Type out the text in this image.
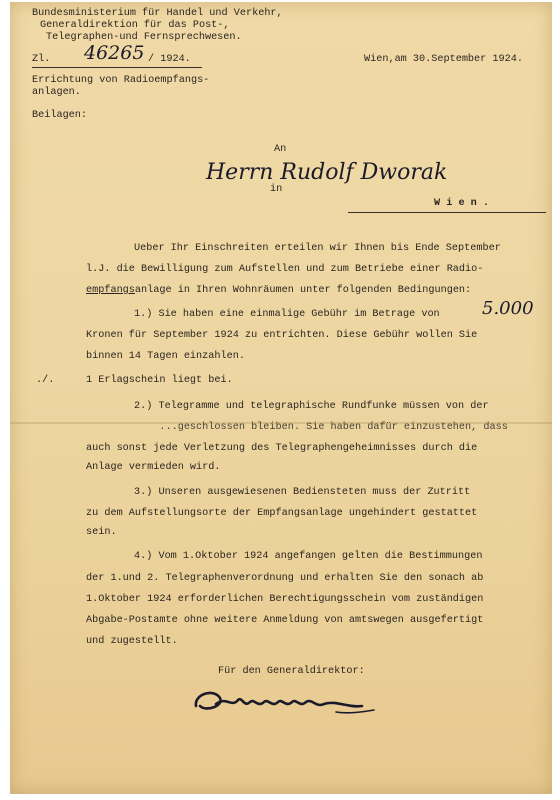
Bundesministerium für Handel und Verkehr,
Generaldirektion für das Post-,
Telegraphen-und Fernsprechwesen.
Zl. 46265 / 1924.	Wien,am 30.September 1924.
Errichtung von Radioempfangs-
anlagen.
Beilagen:
An
Herrn Rudolf Dworak
in
W i e n .
Ueber Ihr Einschreiten erteilen wir Ihnen bis Ende September
l.J. die Bewilligung zum Aufstellen und zum Betriebe einer Radio-
empfangsanlage in Ihren Wohnräumen unter folgenden Bedingungen:
1.) Sie haben eine einmalige Gebühr im Betrage von 5.000
Kronen für September 1924 zu entrichten. Diese Gebühr wollen Sie
binnen 14 Tagen einzahlen.
./.	1 Erlagschein liegt bei.
2.) Telegramme und telegraphische Rundfunke müssen von der
...geschlossen bleiben. Sie haben dafür einzustehen, dass
auch sonst jede Verletzung des Telegraphengeheimnisses durch die
Anlage vermieden wird.
3.) Unseren ausgewiesenen Bediensteten muss der Zutritt
zu dem Aufstellungsorte der Empfangsanlage ungehindert gestattet
sein.
4.) Vom 1.Oktober 1924 angefangen gelten die Bestimmungen
der 1.und 2. Telegraphenverordnung und erhalten Sie den sonach ab
1.Oktober 1924 erforderlichen Berechtigungsschein vom zuständigen
Abgabe-Postamte ohne weitere Anmeldung von amtswegen ausgefertigt
und zugestellt.
Für den Generaldirektor:
